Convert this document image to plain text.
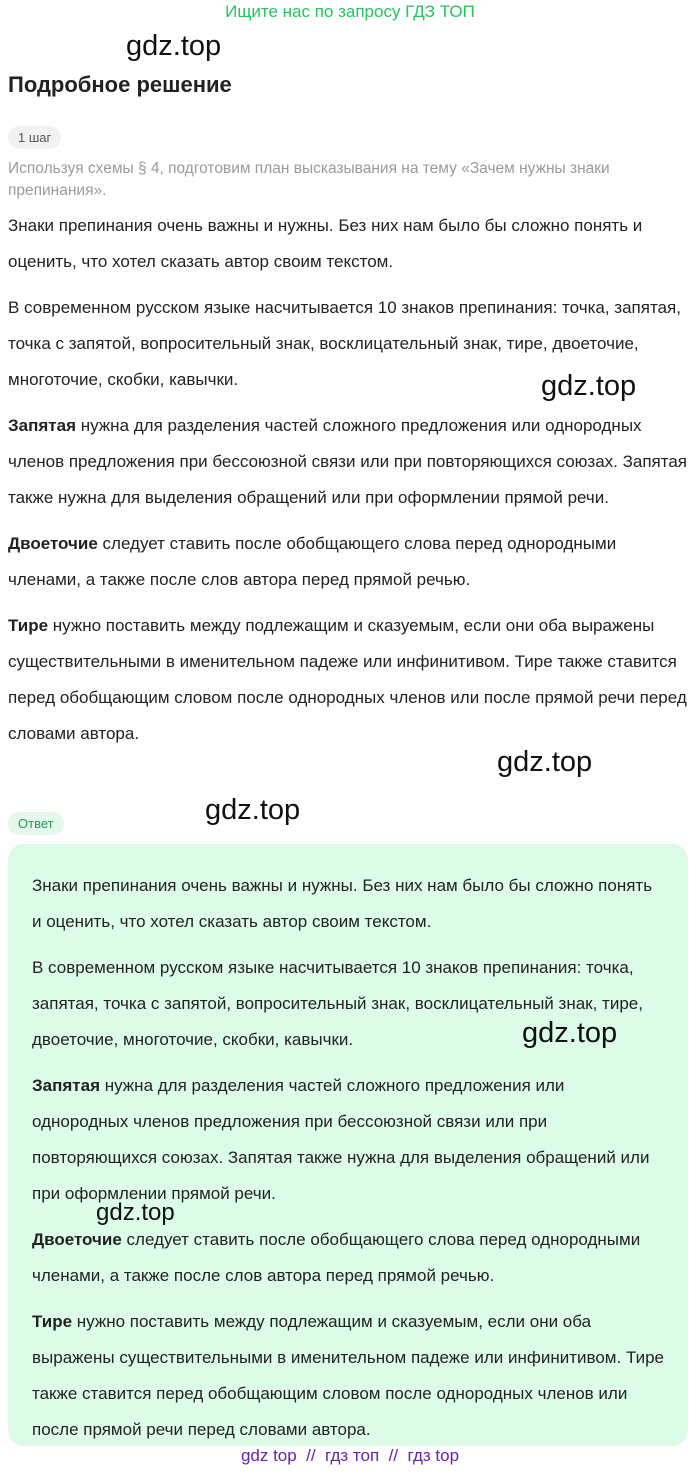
Ищите нас по запросу ГДЗ ТОП
gdz.top
Подробное решение
1 шаг
Используя схемы § 4, подготовим план высказывания на тему «Зачем нужны знаки препинания».

Знаки препинания очень важны и нужны. Без них нам было бы сложно понять и оценить, что хотел сказать автор своим текстом.

В современном русском языке насчитывается 10 знаков препинания: точка, запятая, точка с запятой, вопросительный знак, восклицательный знак, тире, двоеточие, многоточие, скобки, кавычки.

Запятая нужна для разделения частей сложного предложения или однородных членов предложения при бессоюзной связи или при повторяющихся союзах. Запятая также нужна для выделения обращений или при оформлении прямой речи.

Двоеточие следует ставить после обобщающего слова перед однородными членами, а также после слов автора перед прямой речью.

Тире нужно поставить между подлежащим и сказуемым, если они оба выражены существительными в именительном падеже или инфинитивом. Тире также ставится перед обобщающим словом после однородных членов или после прямой речи перед словами автора.

gdz.top
gdz.top
gdz.top
Ответ

Знаки препинания очень важны и нужны. Без них нам было бы сложно понять и оценить, что хотел сказать автор своим текстом.

В современном русском языке насчитывается 10 знаков препинания: точка, запятая, точка с запятой, вопросительный знак, восклицательный знак, тире, двоеточие, многоточие, скобки, кавычки.

Запятая нужна для разделения частей сложного предложения или однородных членов предложения при бессоюзной связи или при повторяющихся союзах. Запятая также нужна для выделения обращений или при оформлении прямой речи.

Двоеточие следует ставить после обобщающего слова перед однородными членами, а также после слов автора перед прямой речью.

Тире нужно поставить между подлежащим и сказуемым, если они оба выражены существительными в именительном падеже или инфинитивом. Тире также ставится перед обобщающим словом после однородных членов или после прямой речи перед словами автора.

gdz.top
gdz.top
gdz top  //  гдз топ  //  гдз top
